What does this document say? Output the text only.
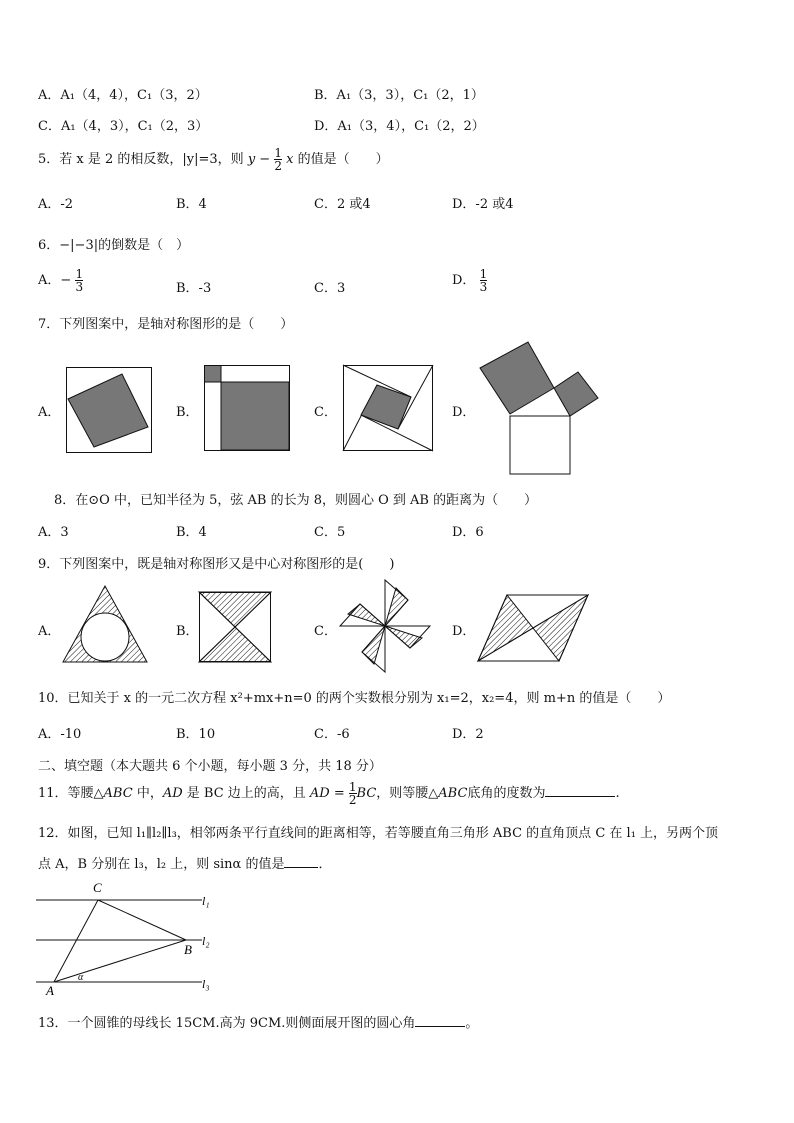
A．A₁（4，4），C₁（3，2）	B．A₁（3，3），C₁（2，1）
C．A₁（4，3），C₁（2，3）	D．A₁（3，4），C₁（2，2）
5．若 x 是 2 的相反数，|y|=3，则 $y - \frac{1}{2}$ x 的值是（　　）
A．-2	B．4	C．2 或4	D．-2 或4
6．−|−3|的倒数是（　）
A．− $\frac{1}{3}$	B．-3	C．3
D． $\frac{1}{3}$
7．下列图案中，是轴对称图形的是（　　）
A．	B．	C．	D．
8．在⊙O 中，已知半径为 5，弦 AB 的长为 8，则圆心 O 到 AB 的距离为（　　）
A．3	B．4	C．5	D．6
9．下列图案中，既是轴对称图形又是中心对称图形的是(　　)
A．	B．	C．	D．
10．已知关于 x 的一元二次方程 x²+mx+n=0 的两个实数根分别为 x₁=2，x₂=4，则 m+n 的值是（　　）
A．-10	B．10	C．-6	D．2
二、填空题（本大题共 6 个小题，每小题 3 分，共 18 分）
11．等腰△ABC 中，AD 是 BC 边上的高，且 AD = $\frac{1}{2}$ BC，则等腰△ABC底角的度数为	.
12．如图，已知 l₁∥l₂∥l₃，相邻两条平行直线间的距离相等，若等腰直角三角形 ABC 的直角顶点 C 在 l₁ 上，另两个顶
点 A，B 分别在 l₃，l₂ 上，则 sinα 的值是	．
C
B
A
α
l₁
l₂
l₃
13．一个圆锥的母线长 15CM.高为 9CM.则侧面展开图的圆心角	。
